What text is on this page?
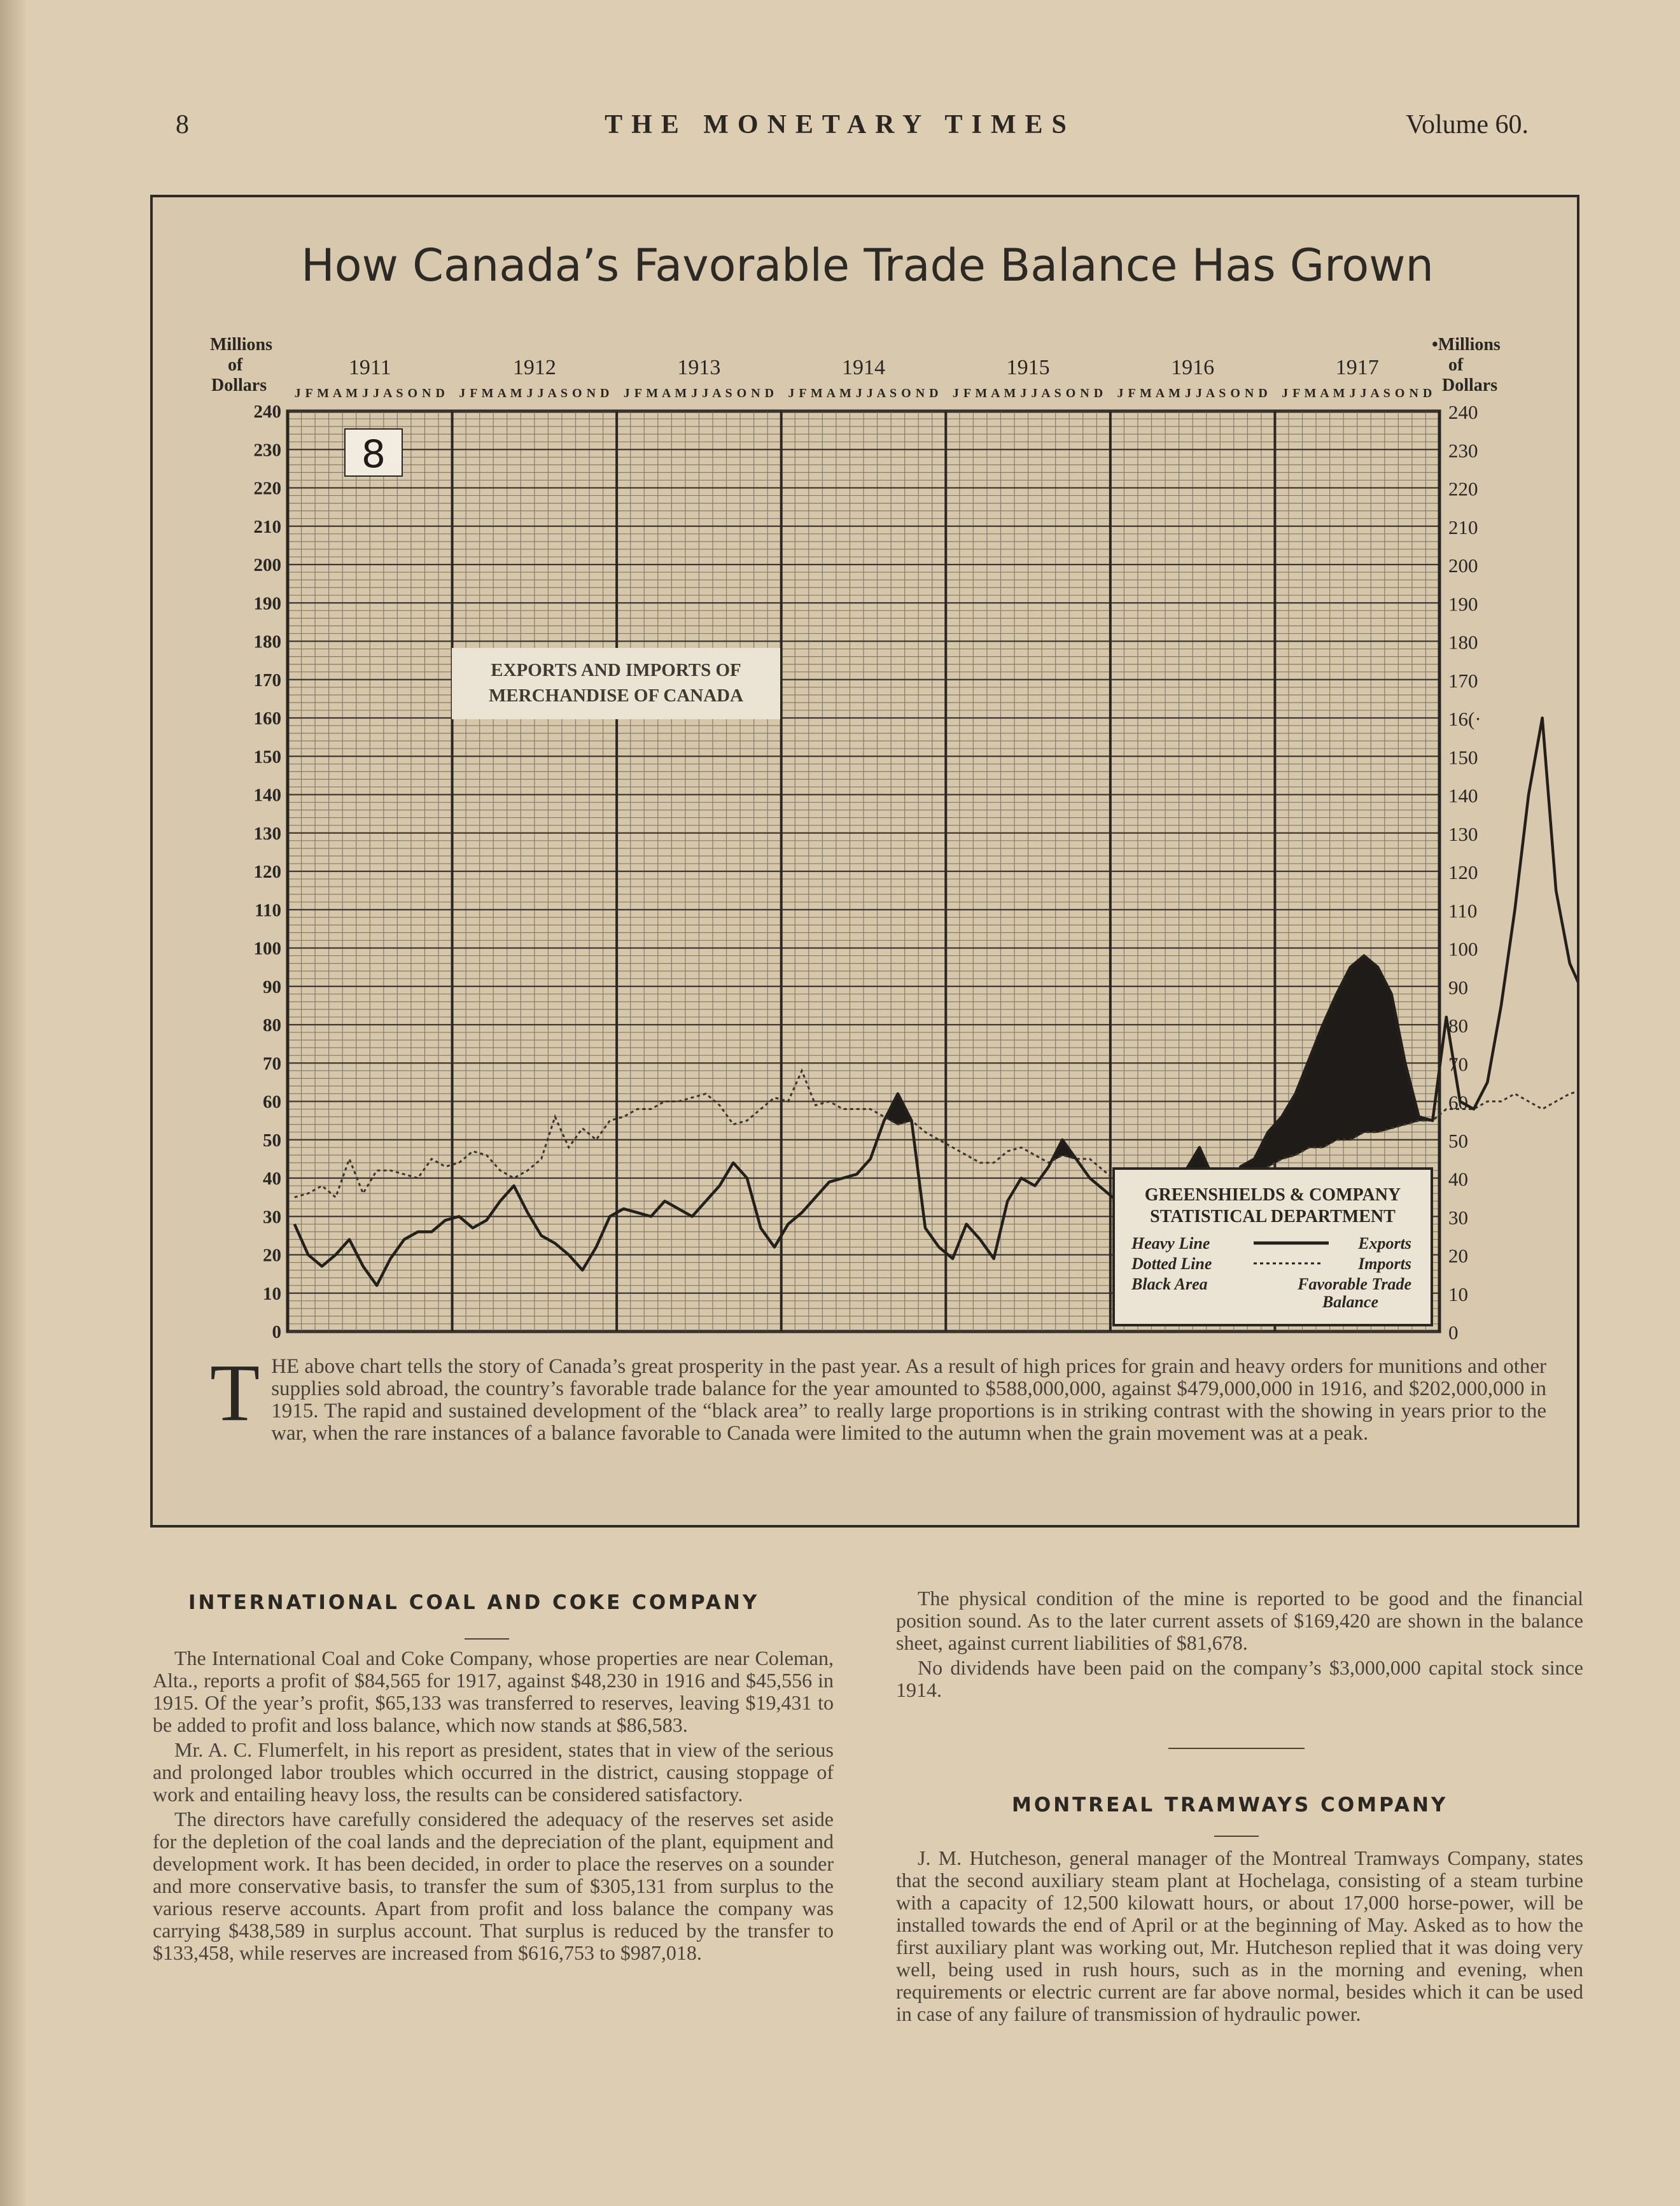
8	THE MONETARY TIMES	Volume 60.
How Canada’s Favorable Trade Balance Has Grown
240
230
220
210
200
190
180
170
160
150
140
130
120
110
100
90
80
70
60
50
40
30
20
10
0
240
230
220
210
200
190
180
170
16(·
150
140
130
120
110
100
90
80
70
60
50
40
30
20
10
0
Millions
of
Dollars
•Millions
of
Dollars
1911
J F M A M J J A S O N D
1912
J F M A M J J A S O N D
1913
J F M A M J J A S O N D
1914
J F M A M J J A S O N D
1915
J F M A M J J A S O N D
1916
J F M A M J J A S O N D
1917
J F M A M J J A S O N D
8
EXPORTS AND IMPORTS OF
MERCHANDISE OF CANADA
GREENSHIELDS & COMPANY
STATISTICAL DEPARTMENT
Heavy Line	Exports
Dotted Line	Imports
Black Area	Favorable Trade
Balance
T HE above chart tells the story of Canada’s great prosperity in the past year. As a result of high prices for grain and heavy orders for munitions and other supplies sold abroad, the country’s favorable trade balance for the year amounted to $588,000,000, against $479,000,000 in 1916, and $202,000,000 in 1915. The rapid and sustained development of the “black area” to really large proportions is in striking contrast with the showing in years prior to the war, when the rare instances of a balance favorable to Canada were limited to the autumn when the grain movement was at a peak.
INTERNATIONAL COAL AND COKE COMPANY

The International Coal and Coke Company, whose properties are near Coleman, Alta., reports a profit of $84,565 for 1917, against $48,230 in 1916 and $45,556 in 1915. Of the year’s profit, $65,133 was transferred to reserves, leaving $19,431 to be added to profit and loss balance, which now stands at $86,583.

Mr. A. C. Flumerfelt, in his report as president, states that in view of the serious and prolonged labor troubles which occurred in the district, causing stoppage of work and entailing heavy loss, the results can be considered satisfactory.

The directors have carefully considered the adequacy of the reserves set aside for the depletion of the coal lands and the depreciation of the plant, equipment and development work. It has been decided, in order to place the reserves on a sounder and more conservative basis, to transfer the sum of $305,131 from surplus to the various reserve accounts. Apart from profit and loss balance the company was carrying $438,589 in surplus account. That surplus is reduced by the transfer to $133,458, while reserves are increased from $616,753 to $987,018.

The physical condition of the mine is reported to be good and the financial position sound. As to the later current assets of $169,420 are shown in the balance sheet, against current liabilities of $81,678.

No dividends have been paid on the company’s $3,000,000 capital stock since 1914.

MONTREAL TRAMWAYS COMPANY

J. M. Hutcheson, general manager of the Montreal Tramways Company, states that the second auxiliary steam plant at Hochelaga, consisting of a steam turbine with a capacity of 12,500 kilowatt hours, or about 17,000 horse-power, will be installed towards the end of April or at the beginning of May. Asked as to how the first auxiliary plant was working out, Mr. Hutcheson replied that it was doing very well, being used in rush hours, such as in the morning and evening, when requirements or electric current are far above normal, besides which it can be used in case of any failure of transmission of hydraulic power.
